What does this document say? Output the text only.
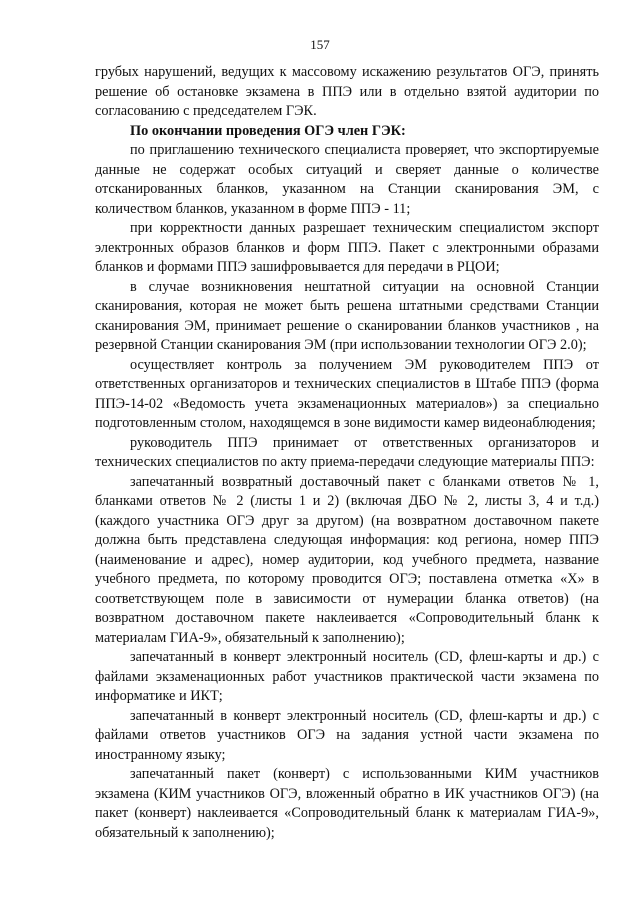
157

грубых нарушений, ведущих к массовому искажению результатов ОГЭ, принять решение об остановке экзамена в ППЭ или в отдельно взятой аудитории по согласованию с председателем ГЭК.

По окончании проведения ОГЭ член ГЭК:

по приглашению технического специалиста проверяет, что экспортируемые данные не содержат особых ситуаций и сверяет данные о количестве отсканированных бланков, указанном на Станции сканирования ЭМ, с количеством бланков, указанном в форме ППЭ - 11;

при корректности данных разрешает техническим специалистом экспорт электронных образов бланков и форм ППЭ. Пакет с электронными образами бланков и формами ППЭ зашифровывается для передачи в РЦОИ;

в случае возникновения нештатной ситуации на основной Станции сканирования, которая не может быть решена штатными средствами Станции сканирования ЭМ, принимает решение о сканировании бланков участников , на резервной Станции сканирования ЭМ (при использовании технологии ОГЭ 2.0);

осуществляет контроль за получением ЭМ руководителем ППЭ от ответственных организаторов и технических специалистов в Штабе ППЭ (форма ППЭ-14-02 «Ведомость учета экзаменационных материалов») за специально подготовленным столом, находящемся в зоне видимости камер видеонаблюдения;

руководитель ППЭ принимает от ответственных организаторов и технических специалистов по акту приема-передачи следующие материалы ППЭ:

запечатанный возвратный доставочный пакет с бланками ответов № 1, бланками ответов № 2 (листы 1 и 2) (включая ДБО № 2, листы 3, 4 и т.д.) (каждого участника ОГЭ друг за другом) (на возвратном доставочном пакете должна быть представлена следующая информация: код региона, номер ППЭ (наименование и адрес), номер аудитории, код учебного предмета, название учебного предмета, по которому проводится ОГЭ; поставлена отметка «Х» в соответствующем поле в зависимости от нумерации бланка ответов) (на возвратном доставочном пакете наклеивается «Сопроводительный бланк к материалам ГИА-9», обязательный к заполнению);

запечатанный в конверт электронный носитель (CD, флеш-карты и др.) с файлами экзаменационных работ участников практической части экзамена по информатике и ИКТ;

запечатанный в конверт электронный носитель (CD, флеш-карты и др.) с файлами ответов участников ОГЭ на задания устной части экзамена по иностранному языку;

запечатанный пакет (конверт) с использованными КИМ участников экзамена (КИМ участников ОГЭ, вложенный обратно в ИК участников ОГЭ) (на пакет (конверт) наклеивается «Сопроводительный бланк к материалам ГИА-9», обязательный к заполнению);
